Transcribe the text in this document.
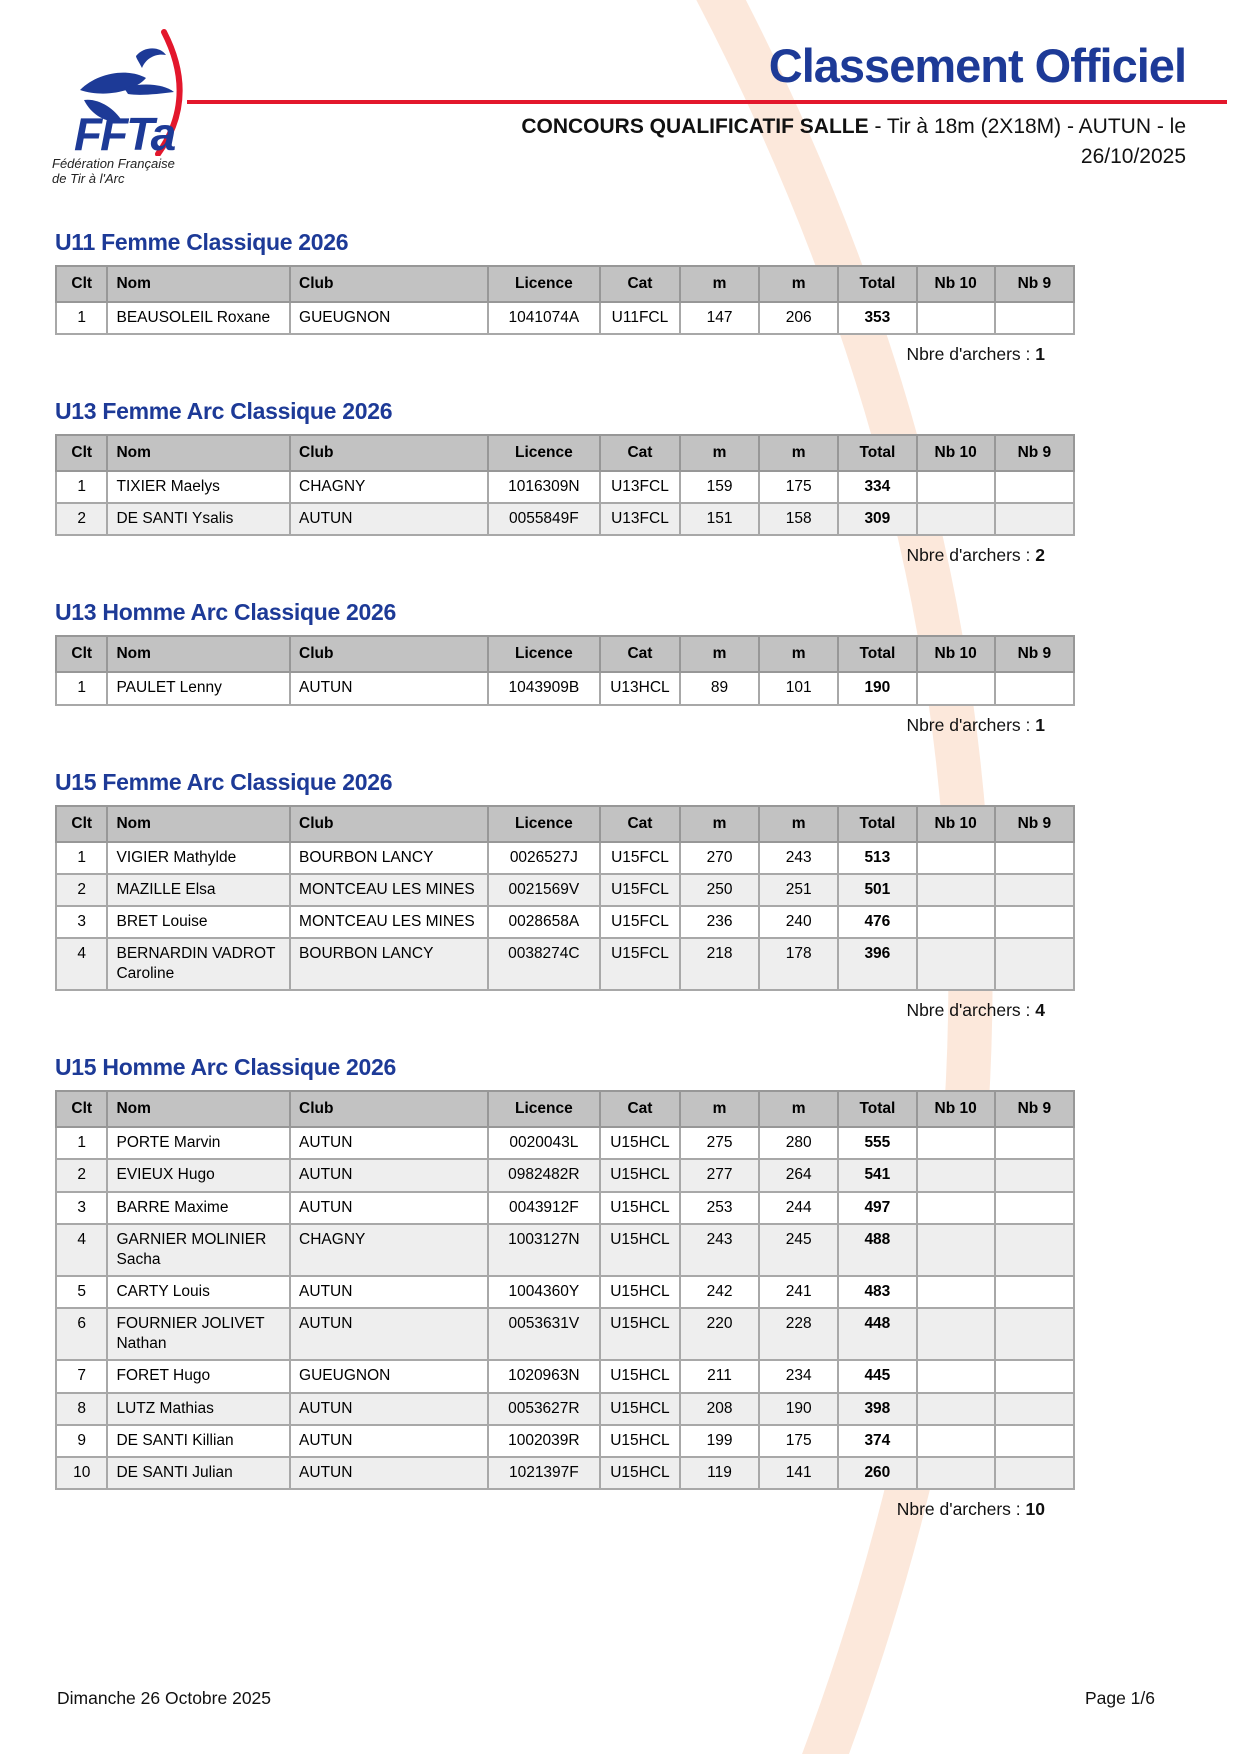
FFTa
Fédération Française
de Tir à l'Arc
Classement Officiel
CONCOURS QUALIFICATIF SALLE - Tir à 18m (2X18M) - AUTUN - le
26/10/2025
U11 Femme Classique 2026
Clt	Nom	Club	Licence	Cat	m	m	Total	Nb 10	Nb 9
1	BEAUSOLEIL Roxane	GUEUGNON	1041074A	U11FCL	147	206	353		
Nbre d'archers : 1
U13 Femme Arc Classique 2026
Clt	Nom	Club	Licence	Cat	m	m	Total	Nb 10	Nb 9
1	TIXIER Maelys	CHAGNY	1016309N	U13FCL	159	175	334		
2	DE SANTI Ysalis	AUTUN	0055849F	U13FCL	151	158	309		
Nbre d'archers : 2
U13 Homme Arc Classique 2026
Clt	Nom	Club	Licence	Cat	m	m	Total	Nb 10	Nb 9
1	PAULET Lenny	AUTUN	1043909B	U13HCL	89	101	190		
Nbre d'archers : 1
U15 Femme Arc Classique 2026
Clt	Nom	Club	Licence	Cat	m	m	Total	Nb 10	Nb 9
1	VIGIER Mathylde	BOURBON LANCY	0026527J	U15FCL	270	243	513		
2	MAZILLE Elsa	MONTCEAU LES MINES	0021569V	U15FCL	250	251	501		
3	BRET Louise	MONTCEAU LES MINES	0028658A	U15FCL	236	240	476		
4	BERNARDIN VADROT Caroline	BOURBON LANCY	0038274C	U15FCL	218	178	396		
Nbre d'archers : 4
U15 Homme Arc Classique 2026
Clt	Nom	Club	Licence	Cat	m	m	Total	Nb 10	Nb 9
1	PORTE Marvin	AUTUN	0020043L	U15HCL	275	280	555		
2	EVIEUX Hugo	AUTUN	0982482R	U15HCL	277	264	541		
3	BARRE Maxime	AUTUN	0043912F	U15HCL	253	244	497		
4	GARNIER MOLINIER Sacha	CHAGNY	1003127N	U15HCL	243	245	488		
5	CARTY Louis	AUTUN	1004360Y	U15HCL	242	241	483		
6	FOURNIER JOLIVET Nathan	AUTUN	0053631V	U15HCL	220	228	448		
7	FORET Hugo	GUEUGNON	1020963N	U15HCL	211	234	445		
8	LUTZ Mathias	AUTUN	0053627R	U15HCL	208	190	398		
9	DE SANTI Killian	AUTUN	1002039R	U15HCL	199	175	374		
10	DE SANTI Julian	AUTUN	1021397F	U15HCL	119	141	260		
Nbre d'archers : 10
Dimanche 26 Octobre 2025	Page 1/6
